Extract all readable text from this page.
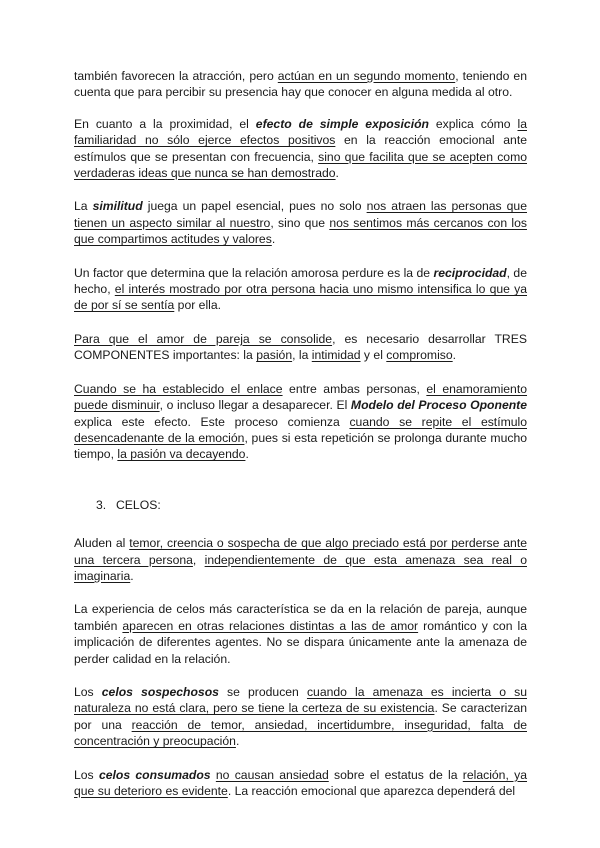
también favorecen la atracción, pero actúan en un segundo momento, teniendo en cuenta que para percibir su presencia hay que conocer en alguna medida al otro.

En cuanto a la proximidad, el efecto de simple exposición explica cómo la familiaridad no sólo ejerce efectos positivos en la reacción emocional ante estímulos que se presentan con frecuencia, sino que facilita que se acepten como verdaderas ideas que nunca se han demostrado.

La similitud juega un papel esencial, pues no solo nos atraen las personas que tienen un aspecto similar al nuestro, sino que nos sentimos más cercanos con los que compartimos actitudes y valores.

Un factor que determina que la relación amorosa perdure es la de reciprocidad, de hecho, el interés mostrado por otra persona hacia uno mismo intensifica lo que ya de por sí se sentía por ella.

Para que el amor de pareja se consolide, es necesario desarrollar TRES COMPONENTES importantes: la pasión, la intimidad y el compromiso.

Cuando se ha establecido el enlace entre ambas personas, el enamoramiento puede disminuir, o incluso llegar a desaparecer. El Modelo del Proceso Oponente explica este efecto. Este proceso comienza cuando se repite el estímulo desencadenante de la emoción, pues si esta repetición se prolonga durante mucho tiempo, la pasión va decayendo.

3. CELOS:

Aluden al temor, creencia o sospecha de que algo preciado está por perderse ante una tercera persona, independientemente de que esta amenaza sea real o imaginaria.

La experiencia de celos más característica se da en la relación de pareja, aunque también aparecen en otras relaciones distintas a las de amor romántico y con la implicación de diferentes agentes. No se dispara únicamente ante la amenaza de perder calidad en la relación.

Los celos sospechosos se producen cuando la amenaza es incierta o su naturaleza no está clara, pero se tiene la certeza de su existencia. Se caracterizan por una reacción de temor, ansiedad, incertidumbre, inseguridad, falta de concentración y preocupación.

Los celos consumados no causan ansiedad sobre el estatus de la relación, ya que su deterioro es evidente. La reacción emocional que aparezca dependerá del
